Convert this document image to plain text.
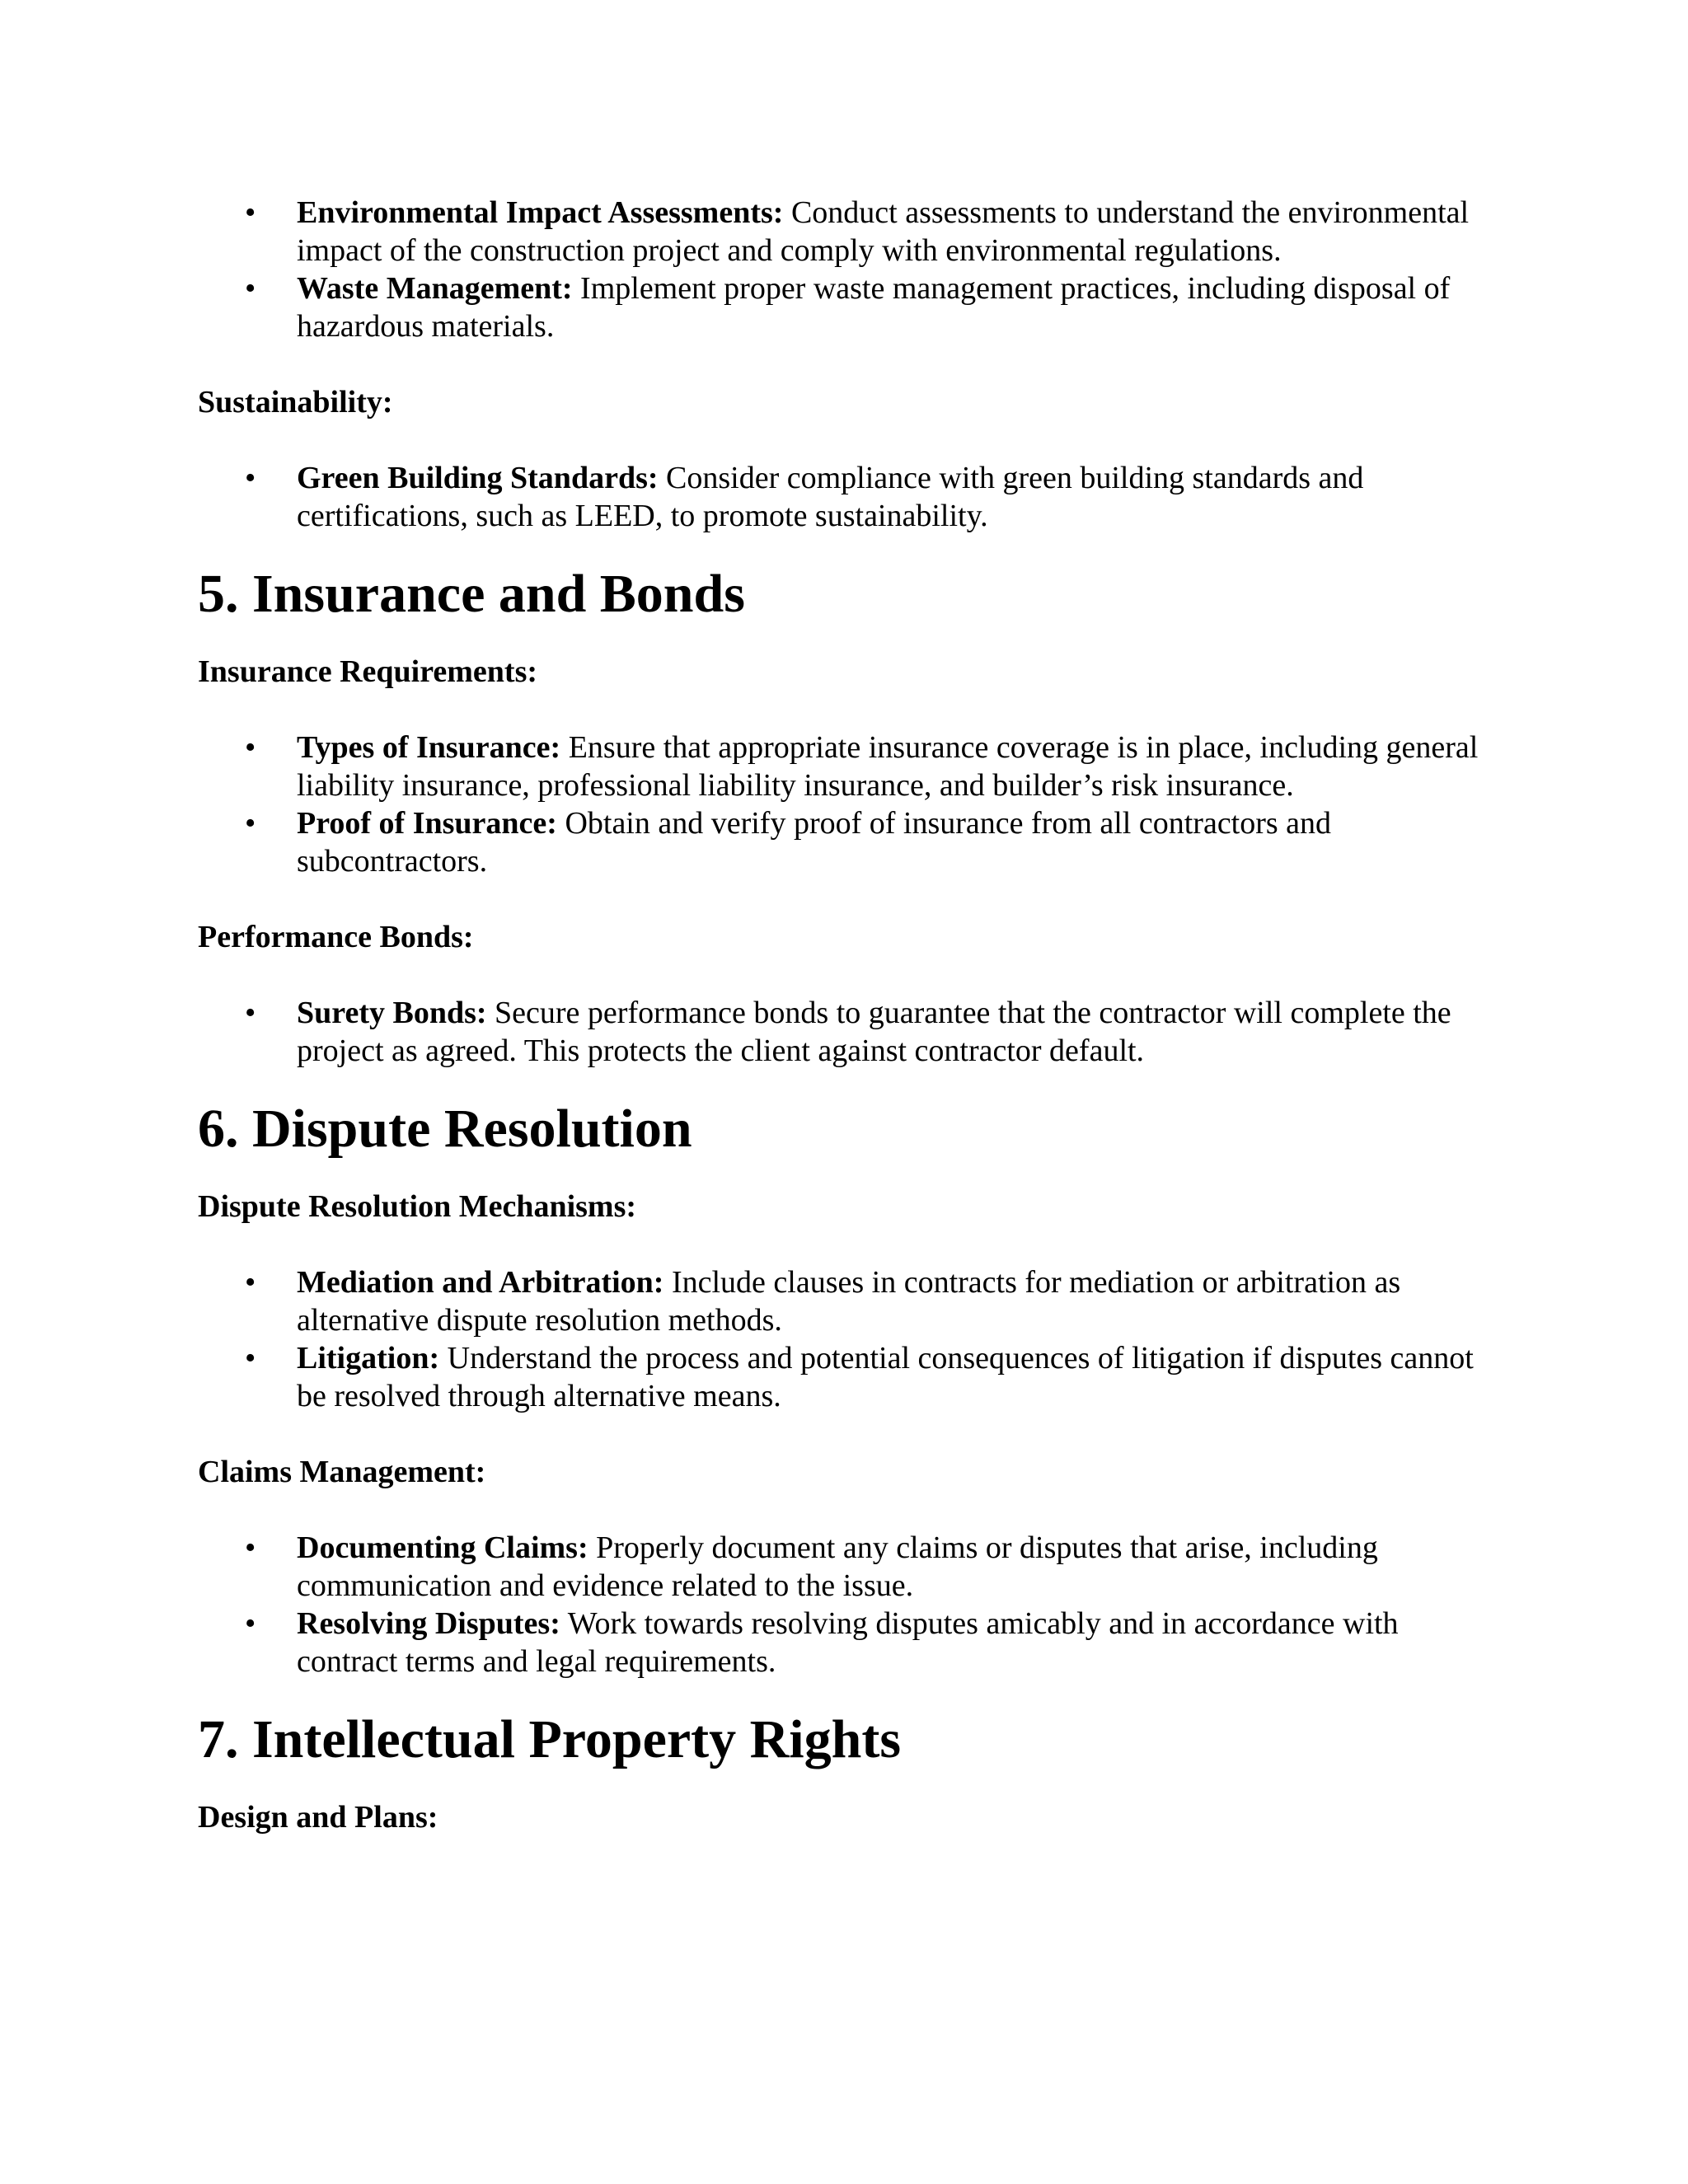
• Environmental Impact Assessments: Conduct assessments to understand the environmental impact of the construction project and comply with environmental regulations.
• Waste Management: Implement proper waste management practices, including disposal of hazardous materials.

Sustainability:

• Green Building Standards: Consider compliance with green building standards and certifications, such as LEED, to promote sustainability.
5. Insurance and Bonds

Insurance Requirements:

• Types of Insurance: Ensure that appropriate insurance coverage is in place, including general liability insurance, professional liability insurance, and builder’s risk insurance.
• Proof of Insurance: Obtain and verify proof of insurance from all contractors and subcontractors.

Performance Bonds:

• Surety Bonds: Secure performance bonds to guarantee that the contractor will complete the project as agreed. This protects the client against contractor default.
6. Dispute Resolution

Dispute Resolution Mechanisms:

• Mediation and Arbitration: Include clauses in contracts for mediation or arbitration as alternative dispute resolution methods.
• Litigation: Understand the process and potential consequences of litigation if disputes cannot be resolved through alternative means.

Claims Management:

• Documenting Claims: Properly document any claims or disputes that arise, including communication and evidence related to the issue.
• Resolving Disputes: Work towards resolving disputes amicably and in accordance with contract terms and legal requirements.
7. Intellectual Property Rights

Design and Plans:
